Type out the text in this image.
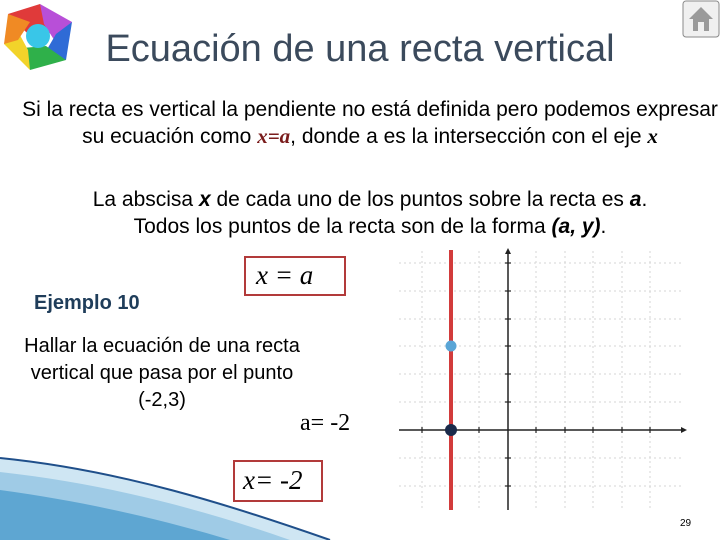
Ecuación de una recta vertical
Si la recta es vertical la pendiente no está definida pero podemos expresar su ecuación como x=a, donde a es la intersección con el eje x
La abscisa x de cada uno de los puntos sobre la recta es a.
Todos los puntos de la recta son de la forma (a, y).
x = a
Ejemplo 10
Hallar la ecuación de una recta vertical que pasa por el punto (-2,3)
a= -2
x= -2
29
